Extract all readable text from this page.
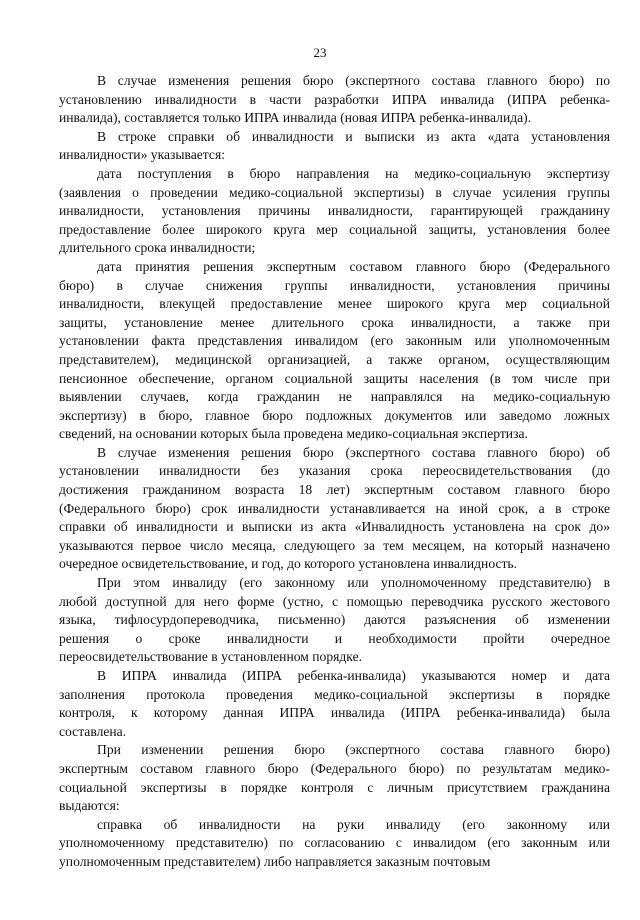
23
В случае изменения решения бюро (экспертного состава главного бюро) по
установлению инвалидности в части разработки ИПРА инвалида (ИПРА ребенка-
инвалида), составляется только ИПРА инвалида (новая ИПРА ребенка-инвалида).
В строке справки об инвалидности и выписки из акта «дата установления
инвалидности» указывается:
дата поступления в бюро направления на медико-социальную экспертизу
(заявления о проведении медико-социальной экспертизы) в случае усиления группы
инвалидности, установления причины инвалидности, гарантирующей гражданину
предоставление более широкого круга мер социальной защиты, установления более
длительного срока инвалидности;
дата принятия решения экспертным составом главного бюро (Федерального
бюро) в случае снижения группы инвалидности, установления причины
инвалидности, влекущей предоставление менее широкого круга мер социальной
защиты, установление менее длительного срока инвалидности, а также при
установлении факта представления инвалидом (его законным или уполномоченным
представителем), медицинской организацией, а также органом, осуществляющим
пенсионное обеспечение, органом социальной защиты населения (в том числе при
выявлении случаев, когда гражданин не направлялся на медико-социальную
экспертизу) в бюро, главное бюро подложных документов или заведомо ложных
сведений, на основании которых была проведена медико-социальная экспертиза.
В случае изменения решения бюро (экспертного состава главного бюро) об
установлении инвалидности без указания срока переосвидетельствования (до
достижения гражданином возраста 18 лет) экспертным составом главного бюро
(Федерального бюро) срок инвалидности устанавливается на иной срок, а в строке
справки об инвалидности и выписки из акта «Инвалидность установлена на срок до»
указываются первое число месяца, следующего за тем месяцем, на который назначено
очередное освидетельствование, и год, до которого установлена инвалидность.
При этом инвалиду (его законному или уполномоченному представителю) в
любой доступной для него форме (устно, с помощью переводчика русского жестового
языка, тифлосурдопереводчика, письменно) даются разъяснения об изменении
решения о сроке инвалидности и необходимости пройти очередное
переосвидетельствование в установленном порядке.
В ИПРА инвалида (ИПРА ребенка-инвалида) указываются номер и дата
заполнения протокола проведения медико-социальной экспертизы в порядке
контроля, к которому данная ИПРА инвалида (ИПРА ребенка-инвалида) была
составлена.
При изменении решения бюро (экспертного состава главного бюро)
экспертным составом главного бюро (Федерального бюро) по результатам медико-
социальной экспертизы в порядке контроля с личным присутствием гражданина
выдаются:
справка об инвалидности на руки инвалиду (его законному или
уполномоченному представителю) по согласованию с инвалидом (его законным или
уполномоченным представителем) либо направляется заказным почтовым
